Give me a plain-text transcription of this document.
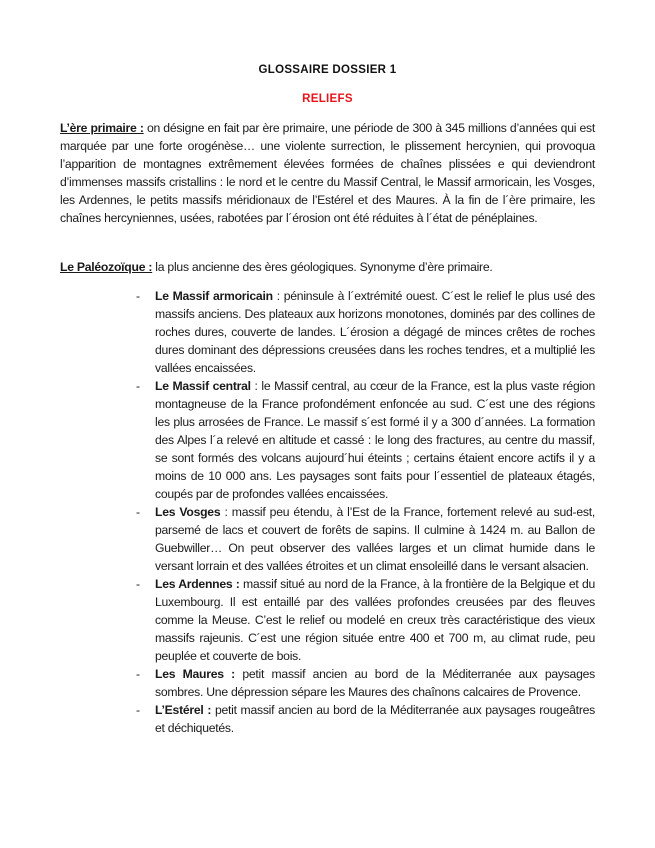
GLOSSAIRE DOSSIER 1
RELIEFS

L’ère primaire : on désigne en fait par ère primaire, une période de 300 à 345 millions d’années qui est marquée par une forte orogénèse… une violente surrection, le plissement hercynien, qui provoqua l’apparition de montagnes extrêmement élevées formées de chaînes plissées e qui deviendront d’immenses massifs cristallins : le nord et le centre du Massif Central, le Massif armoricain, les Vosges, les Ardennes, le petits massifs méridionaux de l’Estérel et des Maures. À la fin de l´ère primaire, les chaînes hercyniennes, usées, rabotées par l´érosion ont été réduites à l´état de pénéplaines.

Le Paléozoïque : la plus ancienne des ères géologiques. Synonyme d’ère primaire.

- Le Massif armoricain : péninsule à l´extrémité ouest. C´est le relief le plus usé des massifs anciens. Des plateaux aux horizons monotones, dominés par des collines de roches dures, couverte de landes. L´érosion a dégagé de minces crêtes de roches dures dominant des dépressions creusées dans les roches tendres, et a multiplié les vallées encaissées.
- Le Massif central : le Massif central, au cœur de la France, est la plus vaste région montagneuse de la France profondément enfoncée au sud. C´est une des régions les plus arrosées de France. Le massif s´est formé il y a 300 d´années. La formation des Alpes l´a relevé en altitude et cassé : le long des fractures, au centre du massif, se sont formés des volcans aujourd´hui éteints ; certains étaient encore actifs il y a moins de 10 000 ans. Les paysages sont faits pour l´essentiel de plateaux étagés, coupés par de profondes vallées encaissées.
- Les Vosges : massif peu étendu, à l’Est de la France, fortement relevé au sud-est, parsemé de lacs et couvert de forêts de sapins. Il culmine à 1424 m. au Ballon de Guebwiller… On peut observer des vallées larges et un climat humide dans le versant lorrain et des vallées étroites et un climat ensoleillé dans le versant alsacien.
- Les Ardennes : massif situé au nord de la France, à la frontière de la Belgique et du Luxembourg. Il est entaillé par des vallées profondes creusées par des fleuves comme la Meuse. C’est le relief ou modelé en creux très caractéristique des vieux massifs rajeunis. C´est une région située entre 400 et 700 m, au climat rude, peu peuplée et couverte de bois.
- Les Maures : petit massif ancien au bord de la Méditerranée aux paysages sombres. Une dépression sépare les Maures des chaînons calcaires de Provence.
- L’Estérel : petit massif ancien au bord de la Méditerranée aux paysages rougeâtres et déchiquetés.
